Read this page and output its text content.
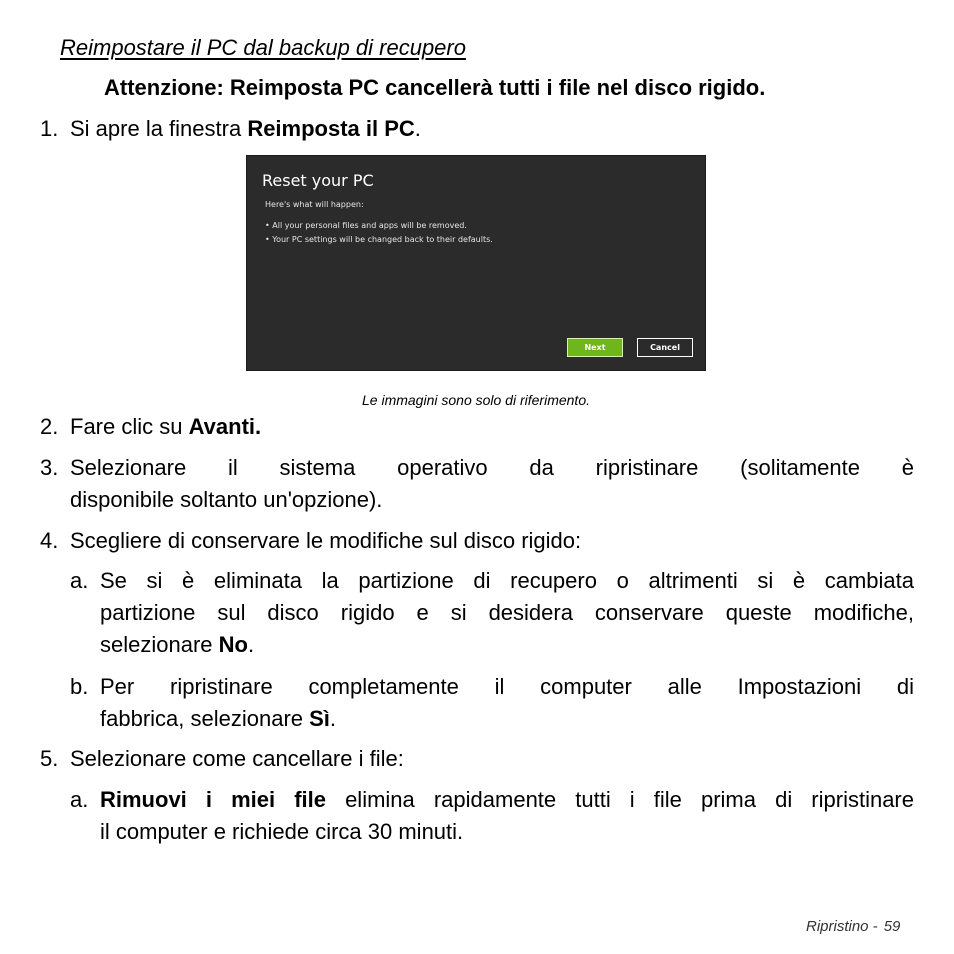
Reimpostare il PC dal backup di recupero
Attenzione: Reimposta PC cancellerà tutti i file nel disco rigido.
1. Si apre la finestra Reimposta il PC.
Reset your PC
Here's what will happen:
• All your personal files and apps will be removed.
• Your PC settings will be changed back to their defaults.
Next	Cancel
Le immagini sono solo di riferimento.
2. Fare clic su Avanti.
3. Selezionare il sistema operativo da ripristinare (solitamente è
disponibile soltanto un'opzione).
4. Scegliere di conservare le modifiche sul disco rigido:
a. Se si è eliminata la partizione di recupero o altrimenti si è cambiata
partizione sul disco rigido e si desidera conservare queste modifiche,
selezionare No.
b. Per ripristinare completamente il computer alle Impostazioni di
fabbrica, selezionare Sì.
5. Selezionare come cancellare i file:
a. Rimuovi i miei file elimina rapidamente tutti i file prima di ripristinare
il computer e richiede circa 30 minuti.
Ripristino - 59
